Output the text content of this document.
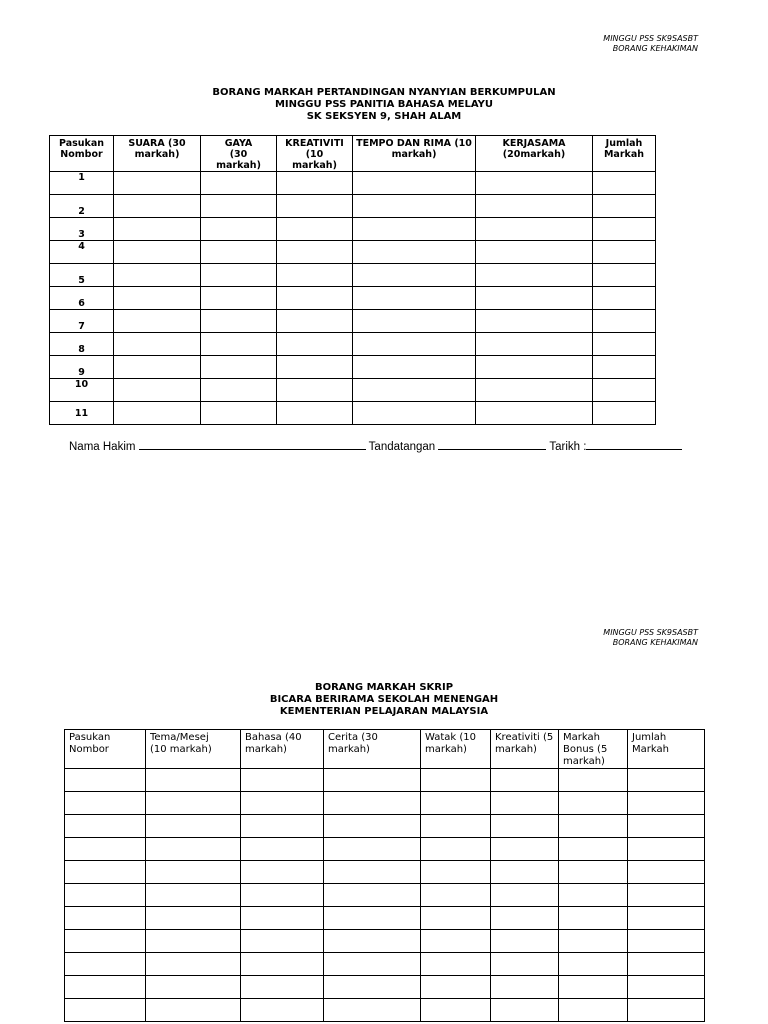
MINGGU PSS SK9SASBT
BORANG KEHAKIMAN
BORANG MARKAH PERTANDINGAN NYANYIAN BERKUMPULAN
MINGGU PSS PANITIA BAHASA MELAYU
SK SEKSYEN 9, SHAH ALAM
Pasukan Nombor	SUARA (30 markah)	GAYA (30 markah)	KREATIVITI (10 markah)	TEMPO DAN RIMA (10 markah)	KERJASAMA (20markah)	Jumlah Markah
1						
2						
3						
4						
5						
6						
7						
8						
9						
10						
11						
Nama Hakim	Tandatangan	Tarikh :
MINGGU PSS SK9SASBT
BORANG KEHAKIMAN
BORANG MARKAH SKRIP
BICARA BERIRAMA SEKOLAH MENENGAH
KEMENTERIAN PELAJARAN MALAYSIA
Pasukan Nombor	Tema/Mesej (10 markah)	Bahasa (40 markah)	Cerita (30 markah)	Watak (10 markah)	Kreativiti (5 markah)	Markah Bonus (5 markah)	Jumlah Markah
